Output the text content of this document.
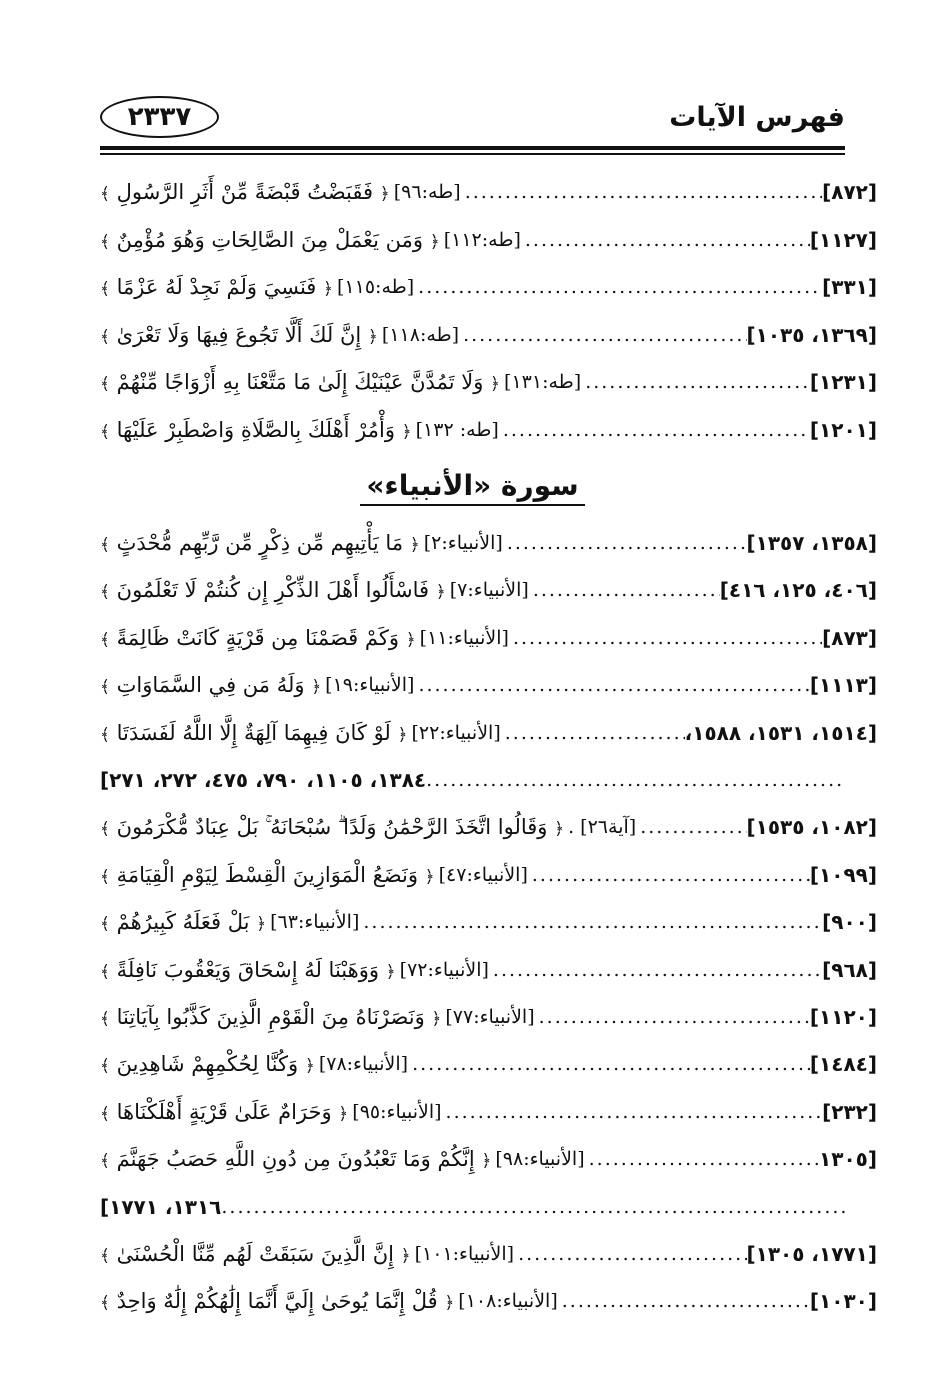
٢٣٣٧	فهرس الآيات
﴿ فَقَبَضْتُ قَبْضَةً مِّنْ أَثَرِ الرَّسُولِ ﴾	[طه:٩٦] .....	[٨٧٢]
﴿ وَمَن يَعْمَلْ مِنَ الصَّالِحَاتِ وَهُوَ مُؤْمِنٌ ﴾	[طه:١١٢] .....	[١١٢٧]
﴿ فَنَسِيَ وَلَمْ نَجِدْ لَهُ عَزْمًا ﴾	[طه:١١٥] .....	[٣٣١]
﴿ إِنَّ لَكَ أَلَّا تَجُوعَ فِيهَا وَلَا تَعْرَىٰ ﴾	[طه:١١٨] .....	[١٣٦٩، ١٠٣٥]
﴿ وَلَا تَمُدَّنَّ عَيْنَيْكَ إِلَىٰ مَا مَتَّعْنَا بِهِ أَزْوَاجًا مِّنْهُمْ ﴾	[طه:١٣١] .....	[١٢٣١]
﴿ وَأْمُرْ أَهْلَكَ بِالصَّلَاةِ وَاصْطَبِرْ عَلَيْهَا ﴾	[طه: ١٣٢] .....	[١٢٠١]
سورة «الأنبياء»
﴿ مَا يَأْتِيهِم مِّن ذِكْرٍ مِّن رَّبِّهِم مُّحْدَثٍ ﴾	[الأنبياء:٢] .....	[١٣٥٨، ١٣٥٧]
﴿ فَاسْأَلُوا أَهْلَ الذِّكْرِ إِن كُنتُمْ لَا تَعْلَمُونَ ﴾	[الأنبياء:٧] .....	[٤٠٦، ١٢٥، ٤١٦]
﴿ وَكَمْ قَصَمْنَا مِن قَرْيَةٍ كَانَتْ ظَالِمَةً ﴾	[الأنبياء:١١] .....	[٨٧٣]
﴿ وَلَهُ مَن فِي السَّمَاوَاتِ ﴾	[الأنبياء:١٩] .....	[١١١٣]
﴿ لَوْ كَانَ فِيهِمَا آلِهَةٌ إِلَّا اللَّهُ لَفَسَدَتَا ﴾	[الأنبياء:٢٢] .....	[١٥١٤، ١٥٣١، ١٥٨٨،
١٣٨٤، ١١٠٥، ٧٩٠، ٤٧٥، ٢٧٢، ٢٧١]
.....
﴿ وَقَالُوا اتَّخَذَ الرَّحْمَٰنُ وَلَدًا ۗ سُبْحَانَهُ ۚ بَلْ عِبَادٌ مُّكْرَمُونَ ﴾	[آية٢٦] . .....	[١٠٨٢، ١٥٣٥]
﴿ وَنَضَعُ الْمَوَازِينَ الْقِسْطَ لِيَوْمِ الْقِيَامَةِ ﴾	[الأنبياء:٤٧] .....	[١٠٩٩]
﴿ بَلْ فَعَلَهُ كَبِيرُهُمْ ﴾	[الأنبياء:٦٣] .....	[٩٠٠]
﴿ وَوَهَبْنَا لَهُ إِسْحَاقَ وَيَعْقُوبَ نَافِلَةً ﴾	[الأنبياء:٧٢] .....	[٩٦٨]
﴿ وَنَصَرْنَاهُ مِنَ الْقَوْمِ الَّذِينَ كَذَّبُوا بِآيَاتِنَا ﴾	[الأنبياء:٧٧] .....	[١١٢٠]
﴿ وَكُنَّا لِحُكْمِهِمْ شَاهِدِينَ ﴾	[الأنبياء:٧٨] .....	[١٤٨٤]
﴿ وَحَرَامٌ عَلَىٰ قَرْيَةٍ أَهْلَكْنَاهَا ﴾	[الأنبياء:٩٥] .....	[٢٣٢]
﴿ إِنَّكُمْ وَمَا تَعْبُدُونَ مِن دُونِ اللَّهِ حَصَبُ جَهَنَّمَ ﴾	[الأنبياء:٩٨] .....	[١٣٠٥
١٣١٦، ١٧٧١]
.....
﴿ إِنَّ الَّذِينَ سَبَقَتْ لَهُم مِّنَّا الْحُسْنَىٰ ﴾	[الأنبياء:١٠١] .....	[١٧٧١، ١٣٠٥]
﴿ قُلْ إِنَّمَا يُوحَىٰ إِلَيَّ أَنَّمَا إِلَٰهُكُمْ إِلَٰهٌ وَاحِدٌ ﴾	[الأنبياء:١٠٨] .....	[١٠٣٠]
